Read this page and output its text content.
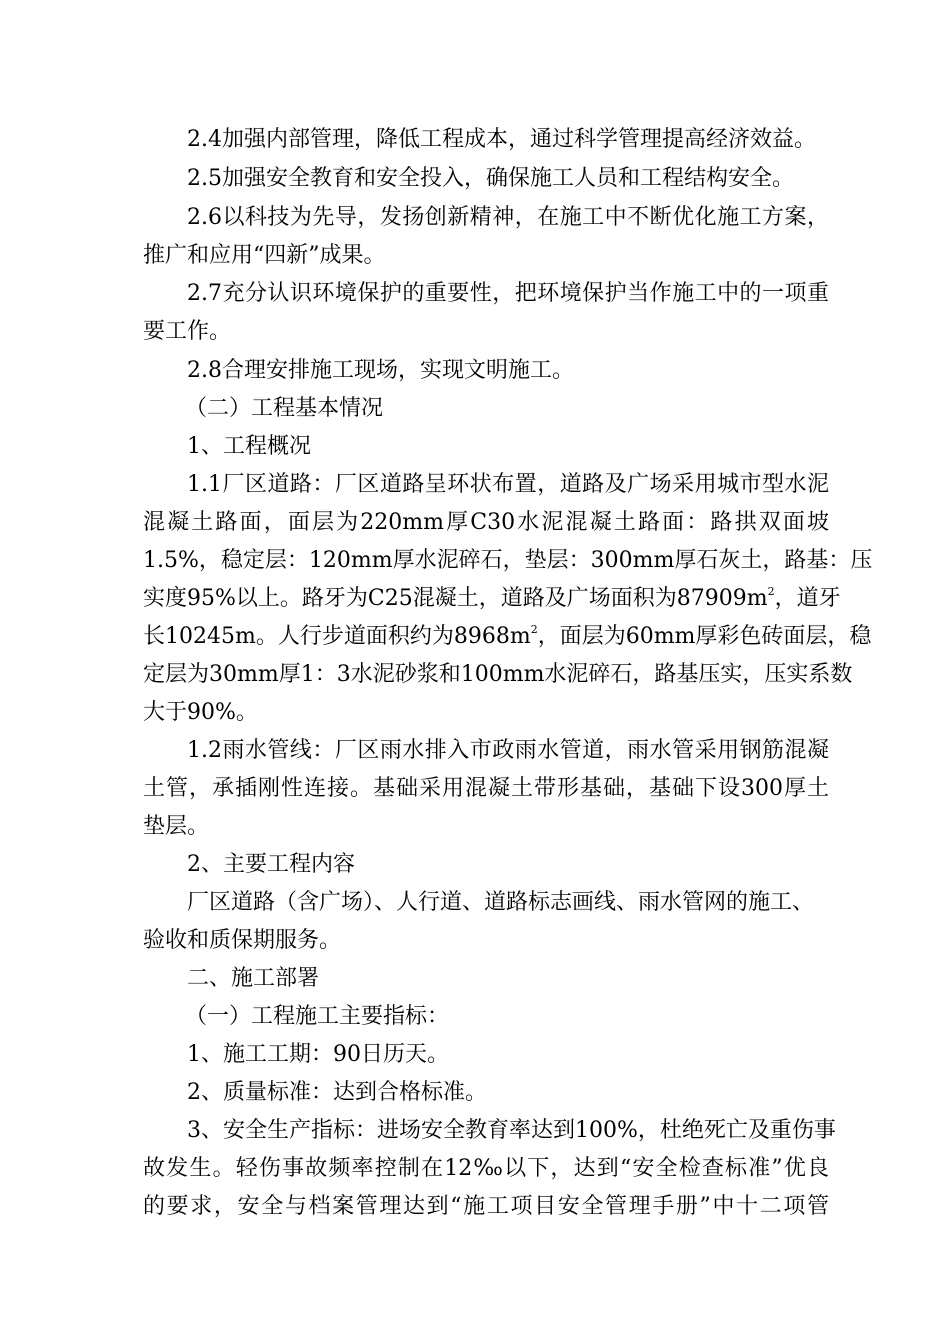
2.4加强内部管理，降低工程成本，通过科学管理提高经济效益。
2.5加强安全教育和安全投入，确保施工人员和工程结构安全。
2.6以科技为先导，发扬创新精神，在施工中不断优化施工方案，
推广和应用“四新”成果。
2.7充分认识环境保护的重要性，把环境保护当作施工中的一项重
要工作。
2.8合理安排施工现场，实现文明施工。
（二）工程基本情况
1、工程概况
1.1厂区道路：厂区道路呈环状布置，道路及广场采用城市型水泥
混凝土路面，面层为220mm厚C30水泥混凝土路面：路拱双面坡
1.5%，稳定层：120mm厚水泥碎石，垫层：300mm厚石灰土，路基：压
实度95%以上。路牙为C25混凝土，道路及广场面积为$87909m^2$，道牙
长10245m。人行步道面积约为$8968m^2$，面层为60mm厚彩色砖面层，稳
定层为30mm厚1：3水泥砂浆和100mm水泥碎石，路基压实，压实系数
大于90%。
1.2雨水管线：厂区雨水排入市政雨水管道，雨水管采用钢筋混凝
土管，承插刚性连接。基础采用混凝土带形基础，基础下设300厚土
垫层。
2、主要工程内容
厂区道路（含广场）、人行道、道路标志画线、雨水管网的施工、
验收和质保期服务。
二、施工部署
（一）工程施工主要指标：
1、施工工期：90日历天。
2、质量标准：达到合格标准。
3、安全生产指标：进场安全教育率达到100%，杜绝死亡及重伤事
故发生。轻伤事故频率控制在12‰以下，达到“安全检查标准”优良
的要求，安全与档案管理达到“施工项目安全管理手册”中十二项管
